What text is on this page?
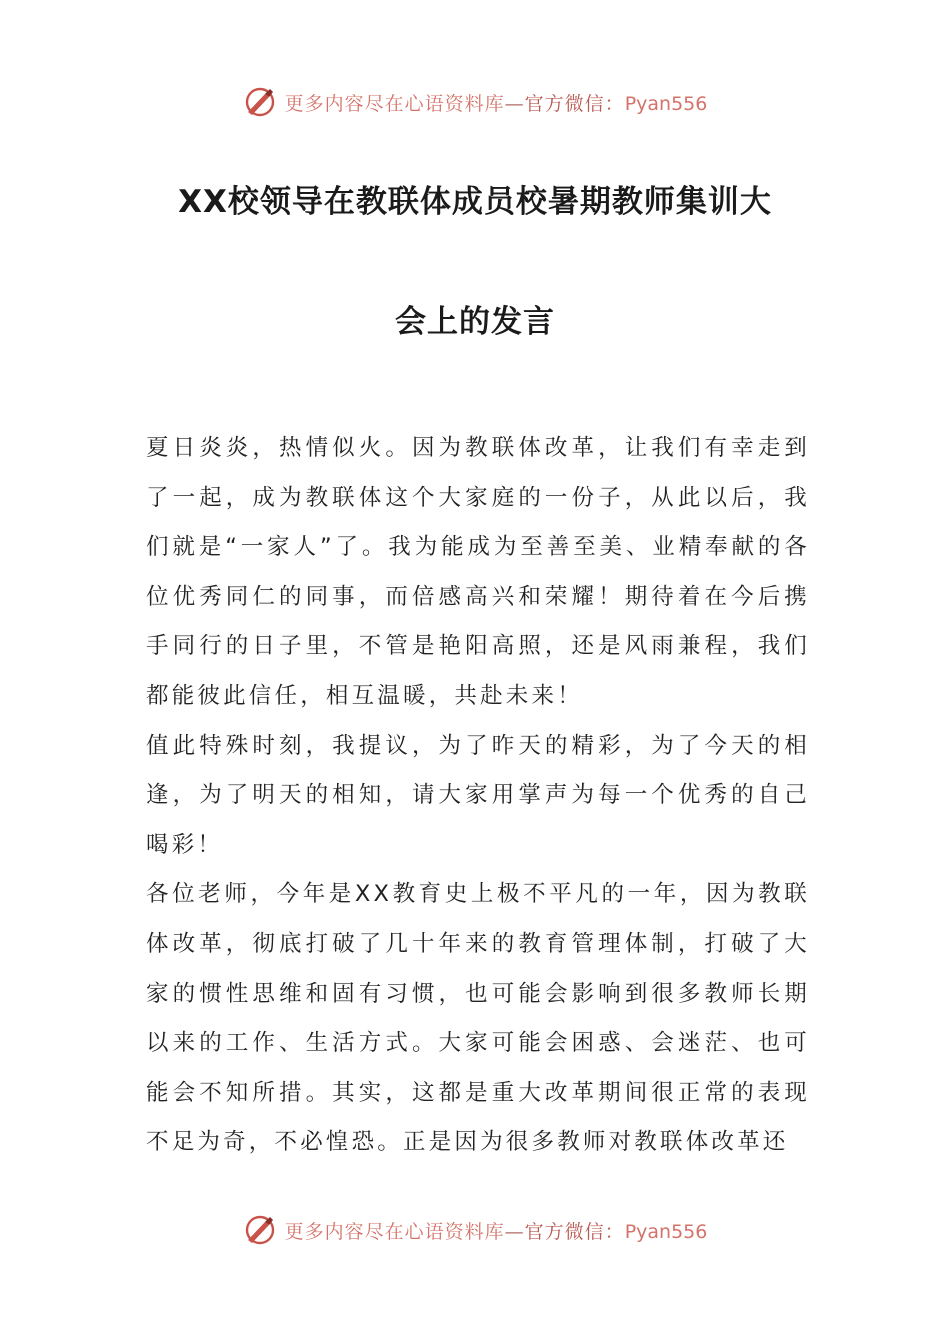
更多内容尽在心语资料库—官方微信：Pyan556
XX校领导在教联体成员校暑期教师集训大
会上的发言

夏日炎炎，热情似火。因为教联体改革，让我们有幸走到了一起，成为教联体这个大家庭的一份子，从此以后，我们就是“一家人”了。我为能成为至善至美、业精奉献的各位优秀同仁的同事，而倍感高兴和荣耀！期待着在今后携手同行的日子里，不管是艳阳高照，还是风雨兼程，我们都能彼此信任，相互温暖，共赴未来！

值此特殊时刻，我提议，为了昨天的精彩，为了今天的相逢，为了明天的相知，请大家用掌声为每一个优秀的自己喝彩！

各位老师，今年是XX教育史上极不平凡的一年，因为教联体改革，彻底打破了几十年来的教育管理体制，打破了大家的惯性思维和固有习惯，也可能会影响到很多教师长期以来的工作、生活方式。大家可能会困惑、会迷茫、也可能会不知所措。其实，这都是重大改革期间很正常的表现不足为奇，不必惶恐。正是因为很多教师对教联体改革还

更多内容尽在心语资料库—官方微信：Pyan556
